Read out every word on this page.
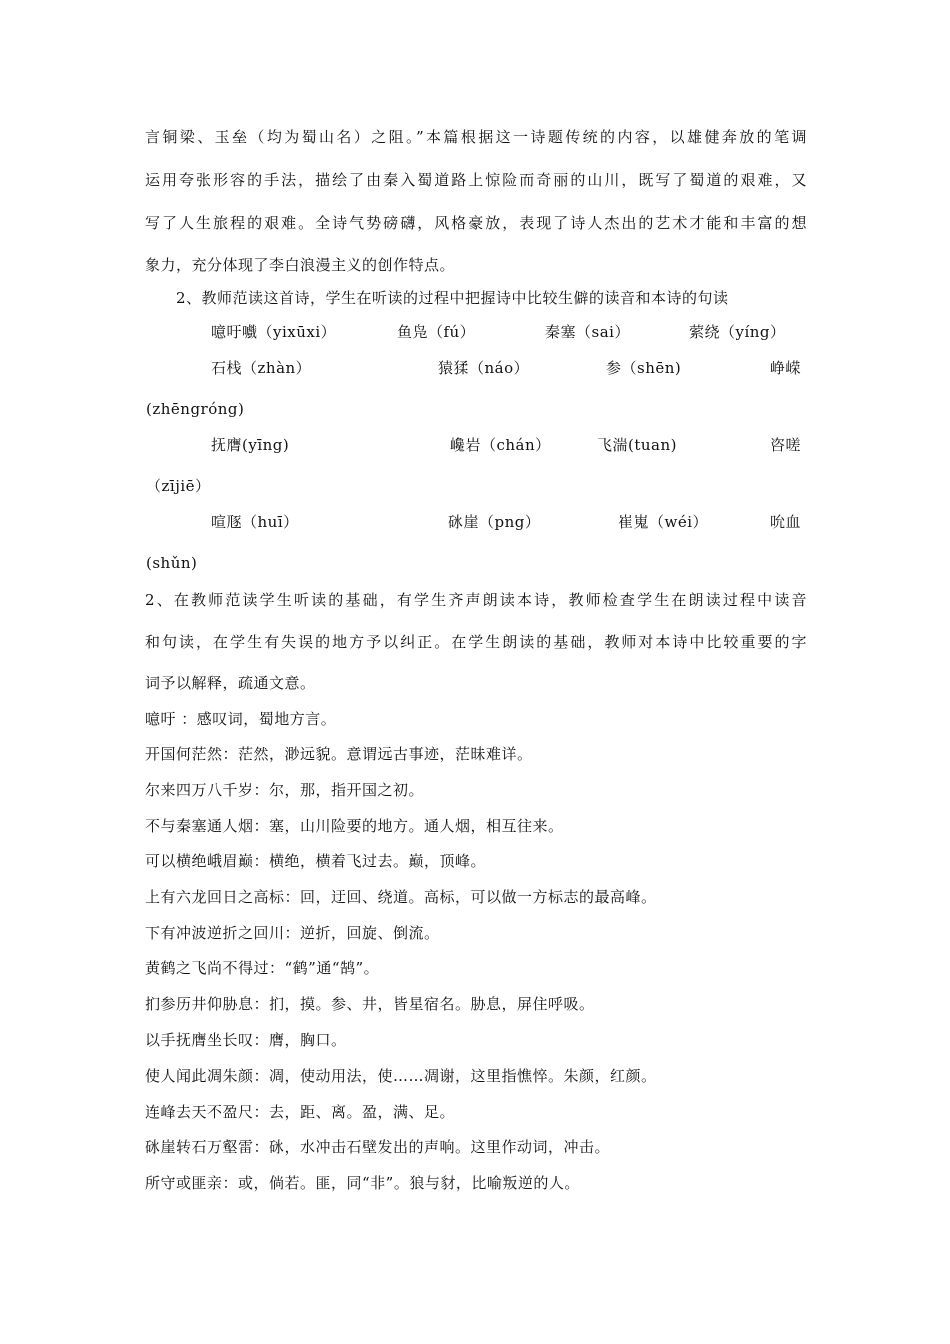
言铜梁、玉垒（均为蜀山名）之阻。”本篇根据这一诗题传统的内容，以雄健奔放的笔调
运用夸张形容的手法，描绘了由秦入蜀道路上惊险而奇丽的山川，既写了蜀道的艰难，又
写了人生旅程的艰难。全诗气势磅礴，风格豪放，表现了诗人杰出的艺术才能和丰富的想
象力，充分体现了李白浪漫主义的创作特点。
2、教师范读这首诗，学生在听读的过程中把握诗中比较生僻的读音和本诗的句读
噫吁嚱（yixūxi）	鱼凫（fú）	秦塞（sai）	萦绕（yíng）
石栈（zhàn）	猿猱（náo）	参（shēn)	峥嵘
(zhēngróng)
抚膺(yīng)	巉岩（chán）	飞湍(tuan)	咨嗟
（zījiē）
喧豗（huī）	砯崖（png）	崔嵬（wéi）	吮血
(shǔn)
2、在教师范读学生听读的基础，有学生齐声朗读本诗，教师检查学生在朗读过程中读音
和句读，在学生有失误的地方予以纠正。在学生朗读的基础，教师对本诗中比较重要的字
词予以解释，疏通文意。
噫吁 ：感叹词，蜀地方言。
开国何茫然：茫然，渺远貌。意谓远古事迹，茫昧难详。
尔来四万八千岁：尔，那，指开国之初。
不与秦塞通人烟：塞，山川险要的地方。通人烟，相互往来。
可以横绝峨眉巅：横绝，横着飞过去。巅，顶峰。
上有六龙回日之高标：回，迂回、绕道。高标，可以做一方标志的最高峰。
下有冲波逆折之回川：逆折，回旋、倒流。
黄鹤之飞尚不得过：“鹤”通“鹄”。
扪参历井仰胁息：扪，摸。参、井，皆星宿名。胁息，屏住呼吸。
以手抚膺坐长叹：膺，胸口。
使人闻此凋朱颜：凋，使动用法，使……凋谢，这里指憔悴。朱颜，红颜。
连峰去天不盈尺：去，距、离。盈，满、足。
砯崖转石万壑雷：砯，水冲击石壁发出的声响。这里作动词，冲击。
所守或匪亲：或，倘若。匪，同“非”。狼与豺，比喻叛逆的人。
